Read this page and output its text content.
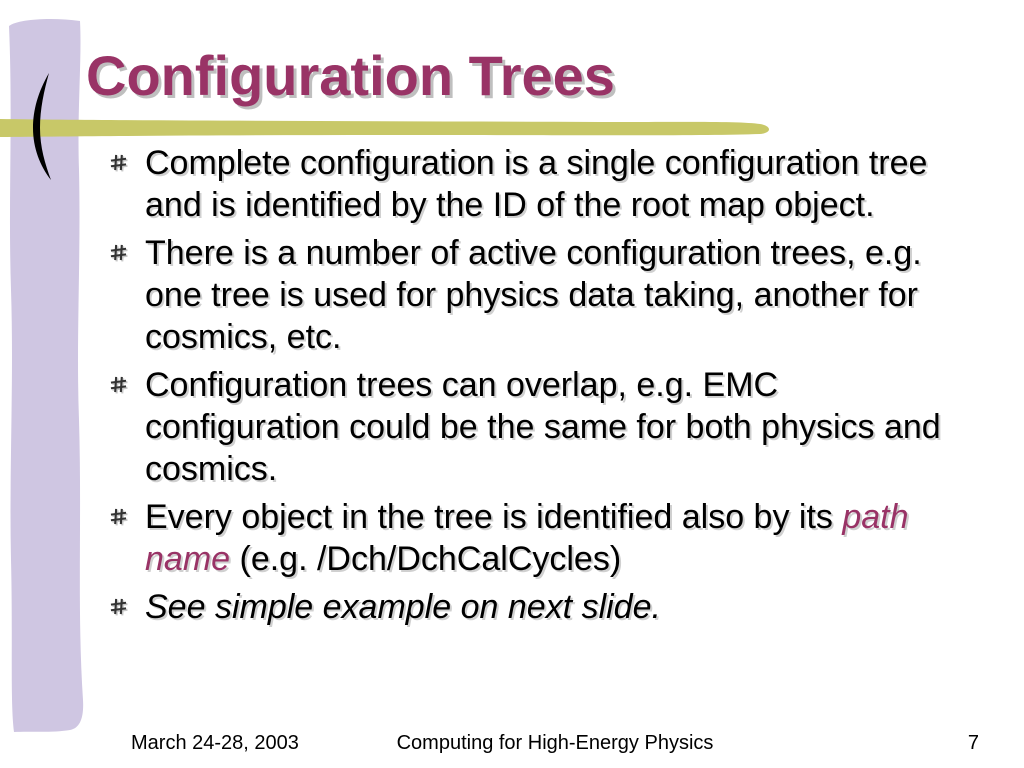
Configuration Trees
Complete configuration is a single configuration tree and is identified by the ID of the root map object.
There is a number of active configuration trees, e.g. one tree is used for physics data taking, another for cosmics, etc.
Configuration trees can overlap, e.g. EMC configuration could be the same for both physics and cosmics.
Every object in the tree is identified also by its path name (e.g. /Dch/DchCalCycles)
See simple example on next slide.
March 24-28, 2003	Computing for High-Energy Physics	7
